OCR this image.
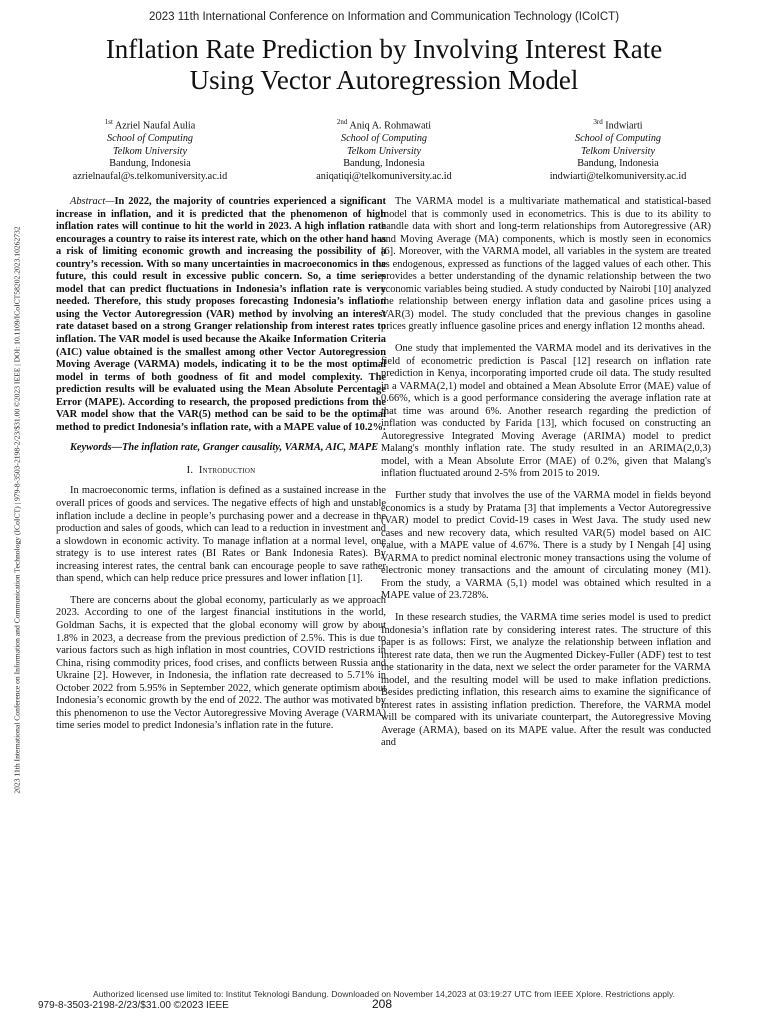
2023 11th International Conference on Information and Communication Technology (ICoICT)
Inflation Rate Prediction by Involving Interest Rate
Using Vector Autoregression Model
2023 11th International Conference on Information and Communication Technology (ICoICT) | 979-8-3503-2198-2/23/$31.00 ©2023 IEEE | DOI: 10.1109/ICoICT58202.2023.10262732
$^{1st}$ Azriel Naufal Aulia
School of Computing
Telkom University
Bandung, Indonesia
azrielnaufal@s.telkomuniversity.ac.id
$^{2nd}$ Aniq A. Rohmawati
School of Computing
Telkom University
Bandung, Indonesia
aniqatiqi@telkomuniversity.ac.id
$^{3rd}$ Indwiarti
School of Computing
Telkom University
Bandung, Indonesia
indwiarti@telkomuniversity.ac.id

Abstract—In 2022, the majority of countries experienced a significant increase in inflation, and it is predicted that the phenomenon of high inflation rates will continue to hit the world in 2023. A high inflation rate encourages a country to raise its interest rate, which on the other hand has a risk of limiting economic growth and increasing the possibility of a country’s recession. With so many uncertainties in macroeconomics in the future, this could result in excessive public concern. So, a time series model that can predict fluctuations in Indonesia’s inflation rate is very needed. Therefore, this study proposes forecasting Indonesia’s inflation using the Vector Autoregression (VAR) method by involving an interest rate dataset based on a strong Granger relationship from interest rates to inflation. The VAR model is used because the Akaike Information Criteria (AIC) value obtained is the smallest among other Vector Autoregression Moving Average (VARMA) models, indicating it to be the most optimal model in terms of both goodness of fit and model complexity. The prediction results will be evaluated using the Mean Absolute Percentage Error (MAPE). According to research, the proposed predictions from the VAR model show that the VAR(5) method can be said to be the optimal method to predict Indonesia’s inflation rate, with a MAPE value of 10.2%.

Keywords—The inflation rate, Granger causality, VARMA, AIC, MAPE

I. Introduction

In macroeconomic terms, inflation is defined as a sustained increase in the overall prices of goods and services. The negative effects of high and unstable inflation include a decline in people’s purchasing power and a decrease in the production and sales of goods, which can lead to a reduction in investment and a slowdown in economic activity. To manage inflation at a normal level, one strategy is to use interest rates (BI Rates or Bank Indonesia Rates). By increasing interest rates, the central bank can encourage people to save rather than spend, which can help reduce price pressures and lower inflation [1].

There are concerns about the global economy, particularly as we approach 2023. According to one of the largest financial institutions in the world, Goldman Sachs, it is expected that the global economy will grow by about 1.8% in 2023, a decrease from the previous prediction of 2.5%. This is due to various factors such as high inflation in most countries, COVID restrictions in China, rising commodity prices, food crises, and conflicts between Russia and Ukraine [2]. However, in Indonesia, the inflation rate decreased to 5.71% in October 2022 from 5.95% in September 2022, which generate optimism about Indonesia’s economic growth by the end of 2022. The author was motivated by this phenomenon to use the Vector Autoregressive Moving Average (VARMA) time series model to predict Indonesia’s inflation rate in the future.

The VARMA model is a multivariate mathematical and statistical-based model that is commonly used in econometrics. This is due to its ability to handle data with short and long-term relationships from Autoregressive (AR) and Moving Average (MA) components, which is mostly seen in economics [6]. Moreover, with the VARMA model, all variables in the system are treated as endogenous, expressed as functions of the lagged values of each other. This provides a better understanding of the dynamic relationship between the two economic variables being studied. A study conducted by Nairobi [10] analyzed the relationship between energy inflation data and gasoline prices using a VAR(3) model. The study concluded that the previous changes in gasoline prices greatly influence gasoline prices and energy inflation 12 months ahead.

One study that implemented the VARMA model and its derivatives in the field of econometric prediction is Pascal [12] research on inflation rate prediction in Kenya, incorporating imported crude oil data. The study resulted in a VARMA(2,1) model and obtained a Mean Absolute Error (MAE) value of 0.66%, which is a good performance considering the average inflation rate at that time was around 6%. Another research regarding the prediction of inflation was conducted by Farida [13], which focused on constructing an Autoregressive Integrated Moving Average (ARIMA) model to predict Malang's monthly inflation rate. The study resulted in an ARIMA(2,0,3) model, with a Mean Absolute Error (MAE) of 0.2%, given that Malang's inflation fluctuated around 2-5% from 2015 to 2019.

Further study that involves the use of the VARMA model in fields beyond economics is a study by Pratama [3] that implements a Vector Autoregressive (VAR) model to predict Covid-19 cases in West Java. The study used new cases and new recovery data, which resulted VAR(5) model based on AIC value, with a MAPE value of 4.67%. There is a study by I Nengah [4] using VARMA to predict nominal electronic money transactions using the volume of electronic money transactions and the amount of circulating money (M1). From the study, a VARMA (5,1) model was obtained which resulted in a MAPE value of 23.728%.

In these research studies, the VARMA time series model is used to predict Indonesia’s inflation rate by considering interest rates. The structure of this paper is as follows: First, we analyze the relationship between inflation and interest rate data, then we run the Augmented Dickey-Fuller (ADF) test to test the stationarity in the data, next we select the order parameter for the VARMA model, and the resulting model will be used to make inflation predictions. Besides predicting inflation, this research aims to examine the significance of interest rates in assisting inflation prediction. Therefore, the VARMA model will be compared with its univariate counterpart, the Autoregressive Moving Average (ARMA), based on its MAPE value. After the result was conducted and

Authorized licensed use limited to: Institut Teknologi Bandung. Downloaded on November 14,2023 at 03:19:27 UTC from IEEE Xplore. Restrictions apply.
979-8-3503-2198-2/23/$31.00 ©2023 IEEE	208
